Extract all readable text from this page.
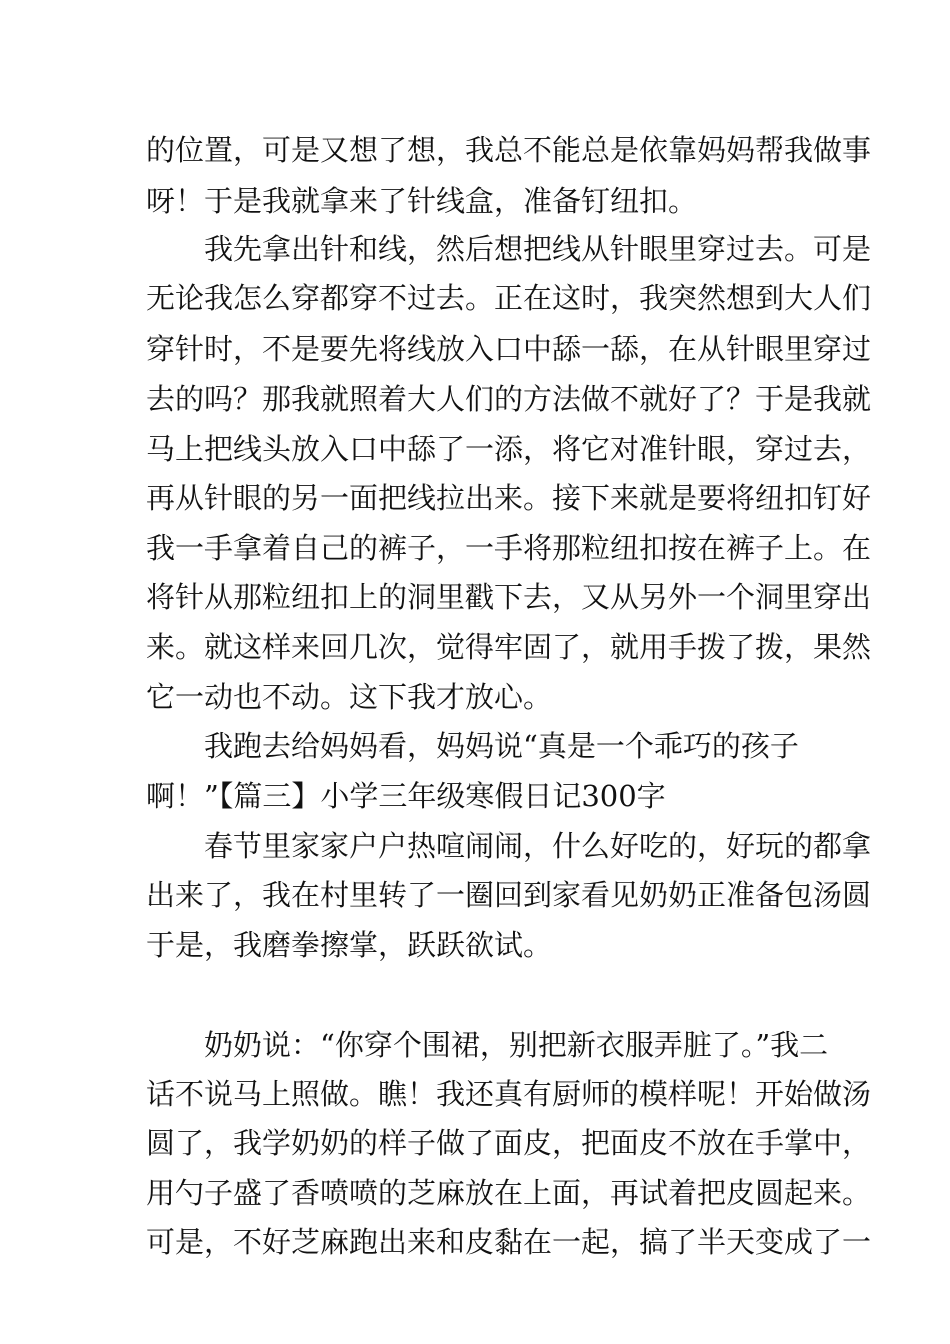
的位置，可是又想了想，我总不能总是依靠妈妈帮我做事
呀！于是我就拿来了针线盒，准备钉纽扣。
　　我先拿出针和线，然后想把线从针眼里穿过去。可是
无论我怎么穿都穿不过去。正在这时，我突然想到大人们
穿针时，不是要先将线放入口中舔一舔，在从针眼里穿过
去的吗？那我就照着大人们的方法做不就好了？于是我就
马上把线头放入口中舔了一添，将它对准针眼，穿过去，
再从针眼的另一面把线拉出来。接下来就是要将纽扣钉好
我一手拿着自己的裤子，一手将那粒纽扣按在裤子上。在
将针从那粒纽扣上的洞里戳下去，又从另外一个洞里穿出
来。就这样来回几次，觉得牢固了，就用手拨了拨，果然
它一动也不动。这下我才放心。
　　我跑去给妈妈看，妈妈说“真是一个乖巧的孩子
啊！”【篇三】小学三年级寒假日记300字
　　春节里家家户户热喧闹闹，什么好吃的，好玩的都拿
出来了，我在村里转了一圈回到家看见奶奶正准备包汤圆
于是，我磨拳擦掌，跃跃欲试。
　　奶奶说：“你穿个围裙，别把新衣服弄脏了。”我二
话不说马上照做。瞧！我还真有厨师的模样呢！开始做汤
圆了，我学奶奶的样子做了面皮，把面皮不放在手掌中，
用勺子盛了香喷喷的芝麻放在上面，再试着把皮圆起来。
可是，不好芝麻跑出来和皮黏在一起，搞了半天变成了一
